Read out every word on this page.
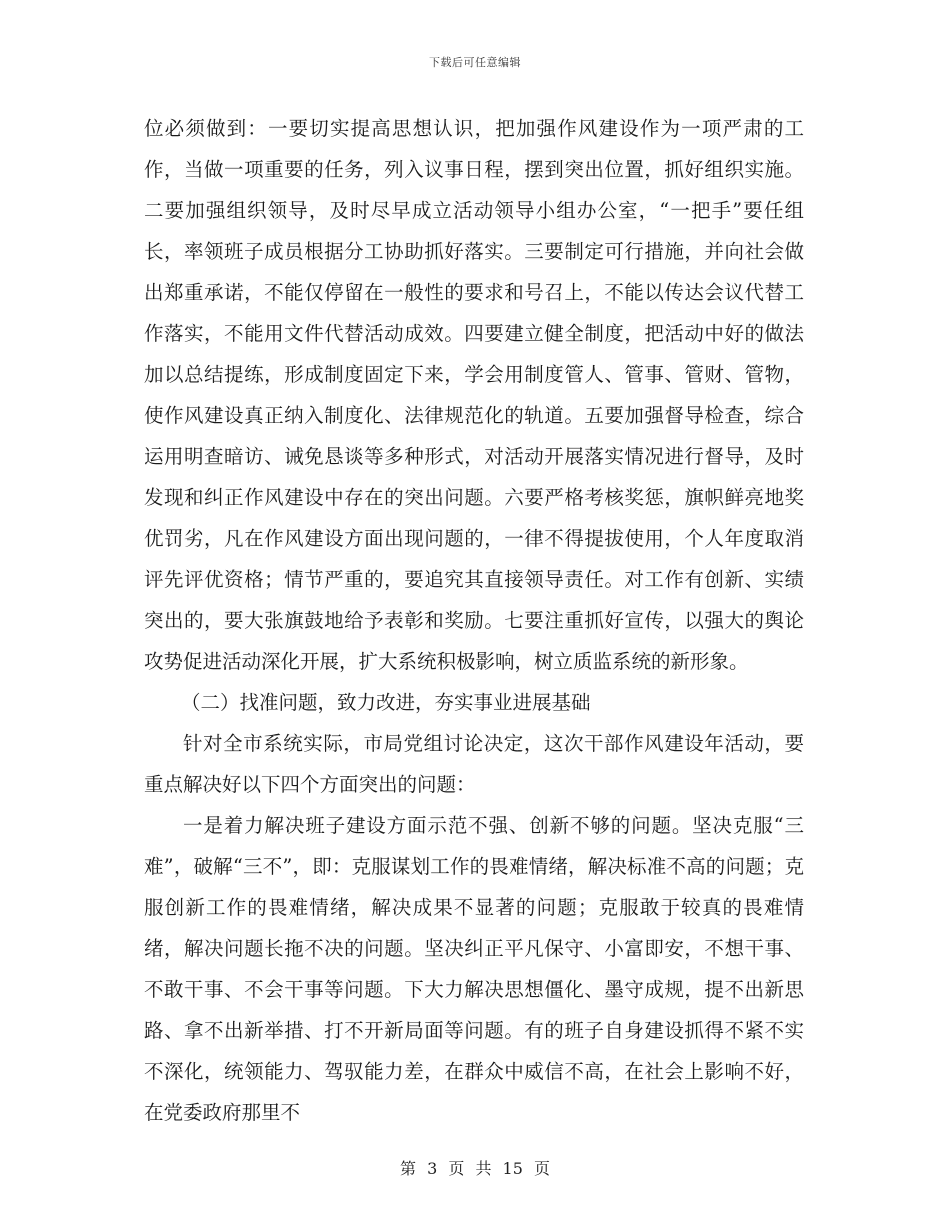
下载后可任意编辑

位必须做到：一要切实提高思想认识，把加强作风建设作为一项严肃的工作，当做一项重要的任务，列入议事日程，摆到突出位置，抓好组织实施。二要加强组织领导，及时尽早成立活动领导小组办公室，“一把手”要任组长，率领班子成员根据分工协助抓好落实。三要制定可行措施，并向社会做出郑重承诺，不能仅停留在一般性的要求和号召上，不能以传达会议代替工作落实，不能用文件代替活动成效。四要建立健全制度，把活动中好的做法加以总结提练，形成制度固定下来，学会用制度管人、管事、管财、管物，使作风建设真正纳入制度化、法律规范化的轨道。五要加强督导检查，综合运用明查暗访、诫免恳谈等多种形式，对活动开展落实情况进行督导，及时发现和纠正作风建设中存在的突出问题。六要严格考核奖惩，旗帜鲜亮地奖优罚劣，凡在作风建设方面出现问题的，一律不得提拔使用，个人年度取消评先评优资格；情节严重的，要追究其直接领导责任。对工作有创新、实绩突出的，要大张旗鼓地给予表彰和奖励。七要注重抓好宣传，以强大的舆论攻势促进活动深化开展，扩大系统积极影响，树立质监系统的新形象。

（二）找准问题，致力改进，夯实事业进展基础

针对全市系统实际，市局党组讨论决定，这次干部作风建设年活动，要重点解决好以下四个方面突出的问题：

一是着力解决班子建设方面示范不强、创新不够的问题。坚决克服“三难”，破解“三不”，即：克服谋划工作的畏难情绪，解决标准不高的问题；克服创新工作的畏难情绪，解决成果不显著的问题；克服敢于较真的畏难情绪，解决问题长拖不决的问题。坚决纠正平凡保守、小富即安，不想干事、不敢干事、不会干事等问题。下大力解决思想僵化、墨守成规，提不出新思路、拿不出新举措、打不开新局面等问题。有的班子自身建设抓得不紧不实不深化，统领能力、驾驭能力差，在群众中威信不高，在社会上影响不好，在党委政府那里不

第 3 页 共 15 页
